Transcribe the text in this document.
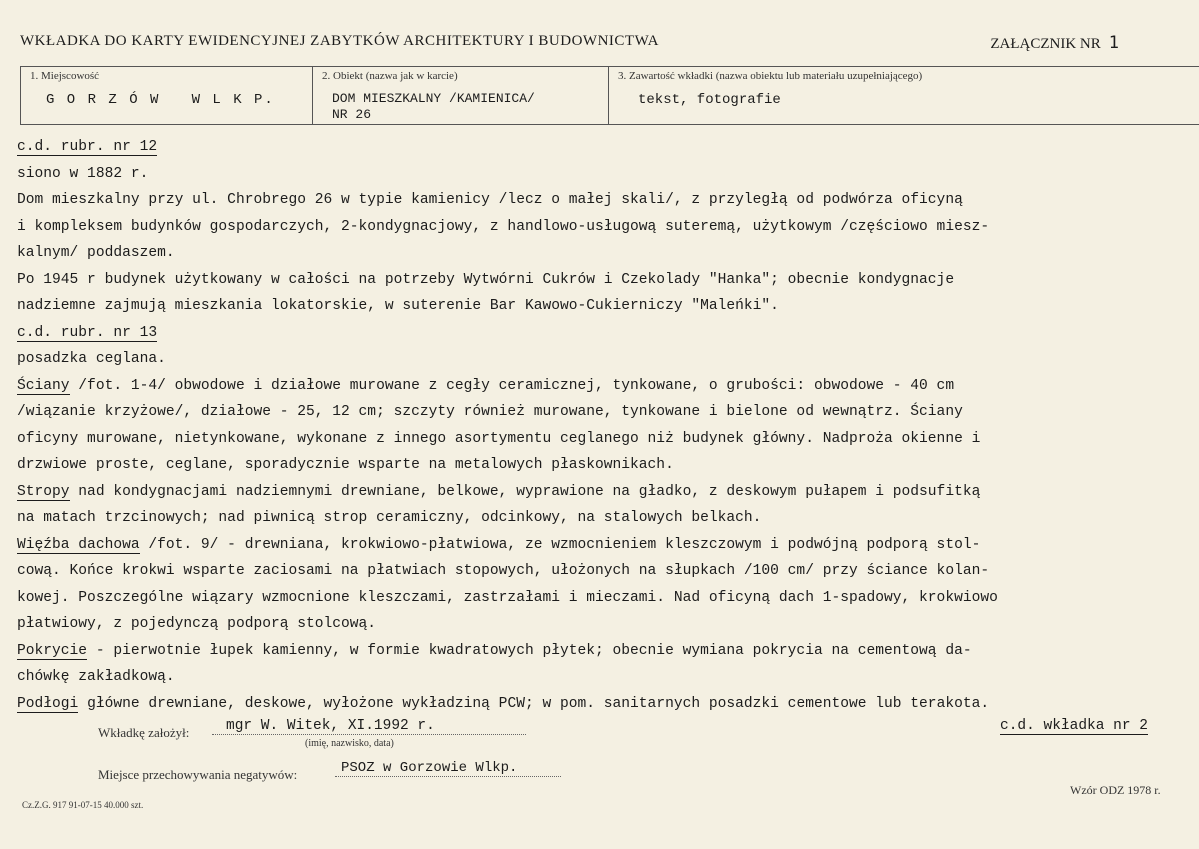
WKŁADKA DO KARTY EWIDENCYJNEJ ZABYTKÓW ARCHITEKTURY I BUDOWNICTWA	ZAŁĄCZNIK NR 1
1. Miejscowość
G O R Z Ó W   W L K P.
2. Obiekt (nazwa jak w karcie)
DOM MIESZKALNY /KAMIENICA/
NR 26
3. Zawartość wkładki (nazwa obiektu lub materiału uzupełniającego)
tekst, fotografie
c.d. rubr. nr 12
siono w 1882 r.
Dom mieszkalny przy ul. Chrobrego 26 w typie kamienicy /lecz o małej skali/, z przyległą od podwórza oficyną
i kompleksem budynków gospodarczych, 2-kondygnacjowy, z handlowo-usługową suteremą, użytkowym /częściowo miesz-
kalnym/ poddaszem.
Po 1945 r budynek użytkowany w całości na potrzeby Wytwórni Cukrów i Czekolady "Hanka"; obecnie kondygnacje
nadziemne zajmują mieszkania lokatorskie, w suterenie Bar Kawowo-Cukierniczy "Maleńki".
c.d. rubr. nr 13
posadzka ceglana.
Ściany /fot. 1-4/ obwodowe i działowe murowane z cegły ceramicznej, tynkowane, o grubości: obwodowe - 40 cm
/wiązanie krzyżowe/, działowe - 25, 12 cm; szczyty również murowane, tynkowane i bielone od wewnątrz. Ściany
oficyny murowane, nietynkowane, wykonane z innego asortymentu ceglanego niż budynek główny. Nadproża okienne i
drzwiowe proste, ceglane, sporadycznie wsparte na metalowych płaskownikach.
Stropy nad kondygnacjami nadziemnymi drewniane, belkowe, wyprawione na gładko, z deskowym pułapem i podsufitką
na matach trzcinowych; nad piwnicą strop ceramiczny, odcinkowy, na stalowych belkach.
Więźba dachowa /fot. 9/ - drewniana, krokwiowo-płatwiowa, ze wzmocnieniem kleszczowym i podwójną podporą stol-
cową. Końce krokwi wsparte zaciosami na płatwiach stopowych, ułożonych na słupkach /100 cm/ przy ściance kolan-
kowej. Poszczególne wiązary wzmocnione kleszczami, zastrzałami i mieczami. Nad oficyną dach 1-spadowy, krokwiowo
płatwiowy, z pojedynczą podporą stolcową.
Pokrycie - pierwotnie łupek kamienny, w formie kwadratowych płytek; obecnie wymiana pokrycia na cementową da-
chówkę zakładkową.
Podłogi główne drewniane, deskowe, wyłożone wykładziną PCW; w pom. sanitarnych posadzki cementowe lub terakota.
Wkładkę założył:	mgr W. Witek, XI.1992 r.
(imię, nazwisko, data)
c.d. wkładka nr 2
Miejsce przechowywania negatywów:	PSOZ w Gorzowie Wlkp.
Cz.Z.G. 917 91-07-15 40.000 szt.
Wzór ODZ 1978 r.
